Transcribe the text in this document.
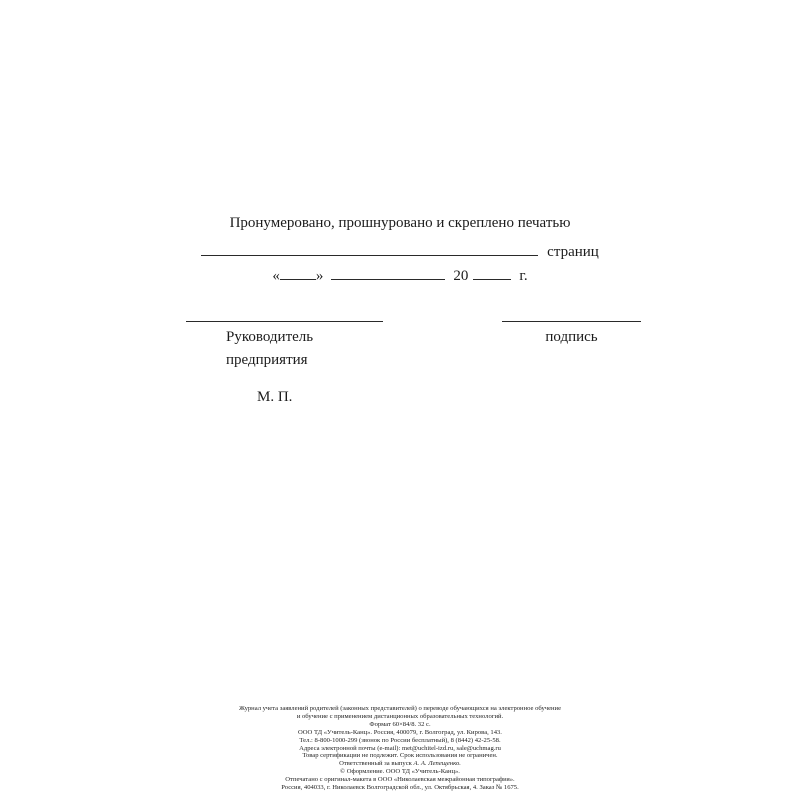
Пронумеровано, прошнуровано и скреплено печатью
страниц
« »	20	г.
Руководитель
предприятия
подпись
М. П.
Журнал учета заявлений родителей (законных представителей) о переводе обучающихся на электронное обучение
и обучение с применением дистанционных образовательных технологий.
Формат 60×84/8. 32 с.
ООО ТД «Учитель-Канц». Россия, 400079, г. Волгоград, ул. Кирова, 143.
Тел.: 8-800-1000-299 (звонок по России бесплатный), 8 (8442) 42-25-58.
Адреса электронной почты (e-mail): met@uchitel-izd.ru, sale@uchmag.ru
Товар сертификации не подлежит. Срок использования не ограничен.
Ответственный за выпуск А. А. Лепещенко.
© Оформление. ООО ТД «Учитель-Канц».
Отпечатано с оригинал-макета в ООО «Николаевская межрайонная типография».
Россия, 404033, г. Николаевск Волгоградской обл., ул. Октябрьская, 4. Заказ № 1675.
